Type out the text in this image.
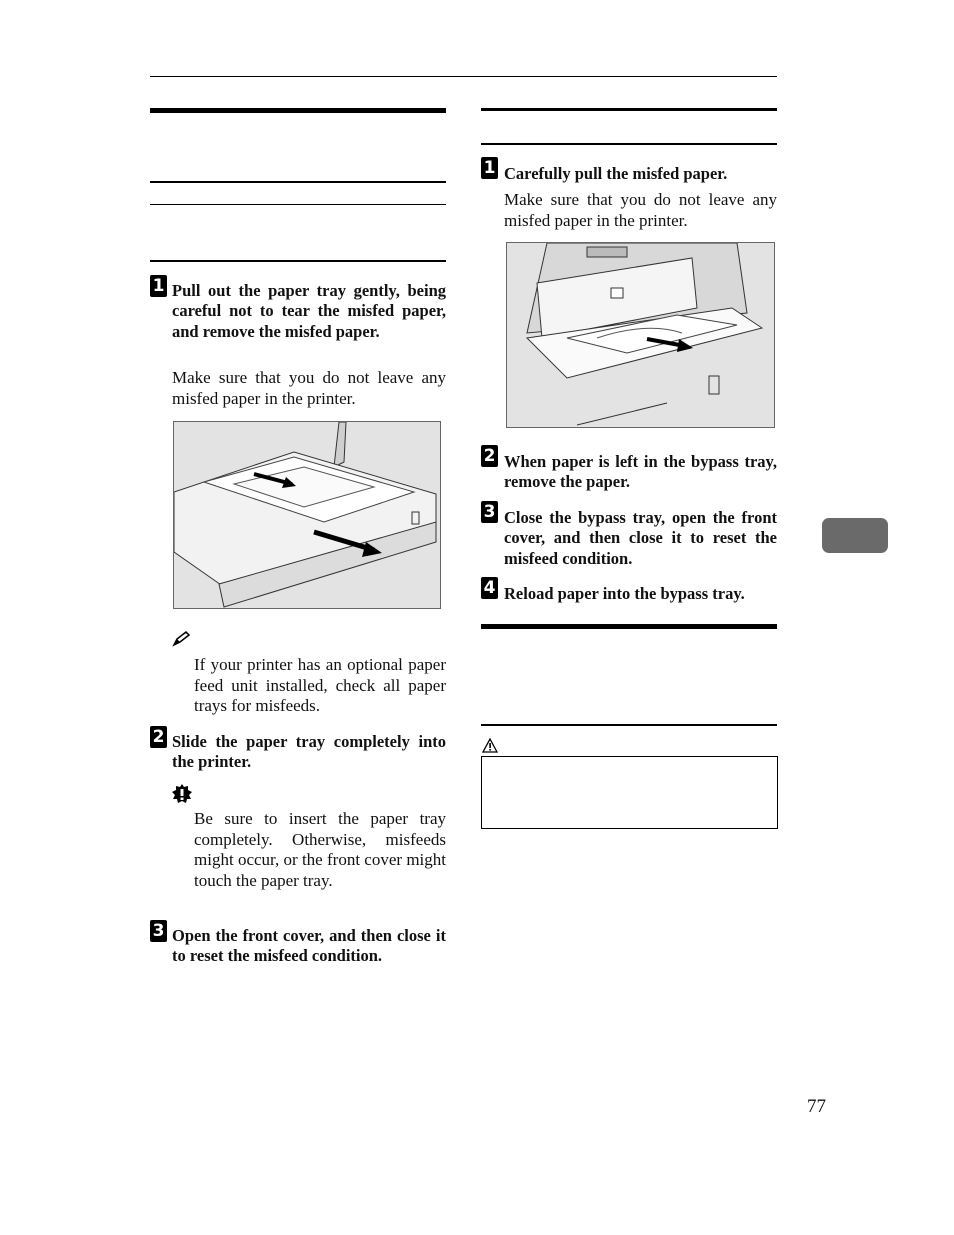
1 Pull out the paper tray gently, being careful not to tear the misfed paper, and remove the misfed paper.

Make sure that you do not leave any misfed paper in the printer.

If your printer has an optional paper feed unit installed, check all paper trays for misfeeds.

2 Slide the paper tray completely into the printer.

Be sure to insert the paper tray completely. Otherwise, misfeeds might occur, or the front cover might touch the paper tray.

3 Open the front cover, and then close it to reset the misfeed condition.

1 Carefully pull the misfed paper.

Make sure that you do not leave any misfed paper in the printer.

2 When paper is left in the bypass tray, remove the paper.

3 Close the bypass tray, open the front cover, and then close it to reset the misfeed condition.

4 Reload paper into the bypass tray.

77
